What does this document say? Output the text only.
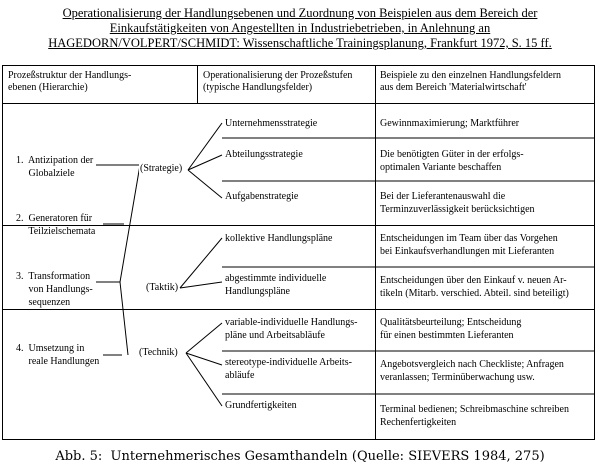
Operationalisierung der Handlungsebenen und Zuordnung von Beispielen aus dem Bereich der
Einkaufstätigkeiten von Angestellten in Industriebetrieben, in Anlehnung an
HAGEDORN/VOLPERT/SCHMIDT: Wissenschaftliche Trainingsplanung, Frankfurt 1972, S. 15 ff.
Prozeßstruktur der Handlungs-
ebenen (Hierarchie)
Operationalisierung der Prozeßstufen
(typische Handlungsfelder)
Beispiele zu den einzelnen Handlungsfeldern
aus dem Bereich 'Materialwirtschaft'
1.  Antizipation der
Globalziele
2.  Generatoren für
Teilzielschemata
3.  Transformation
von Handlungs-
sequenzen
4.  Umsetzung in
reale Handlungen
(Strategie)
(Taktik)
(Technik)
Unternehmensstrategie
Abteilungsstrategie
Aufgabenstrategie
kollektive Handlungspläne
abgestimmte individuelle
Handlungspläne
variable-individuelle Handlungs-
pläne und Arbeitsabläufe
stereotype-individuelle Arbeits-
abläufe
Grundfertigkeiten
Gewinnmaximierung; Marktführer
Die benötigten Güter in der erfolgs-
optimalen Variante beschaffen
Bei der Lieferantenauswahl die
Terminzuverlässigkeit berücksichtigen
Entscheidungen im Team über das Vorgehen
bei Einkaufsverhandlungen mit Lieferanten
Entscheidungen über den Einkauf v. neuen Ar-
tikeln (Mitarb. verschied. Abteil. sind beteiligt)
Qualitätsbeurteilung; Entscheidung
für einen bestimmten Lieferanten
Angebotsvergleich nach Checkliste; Anfragen
veranlassen; Terminüberwachung usw.
Terminal bedienen; Schreibmaschine schreiben
Rechenfertigkeiten
Abb. 5:  Unternehmerisches Gesamthandeln (Quelle: SIEVERS 1984, 275)
